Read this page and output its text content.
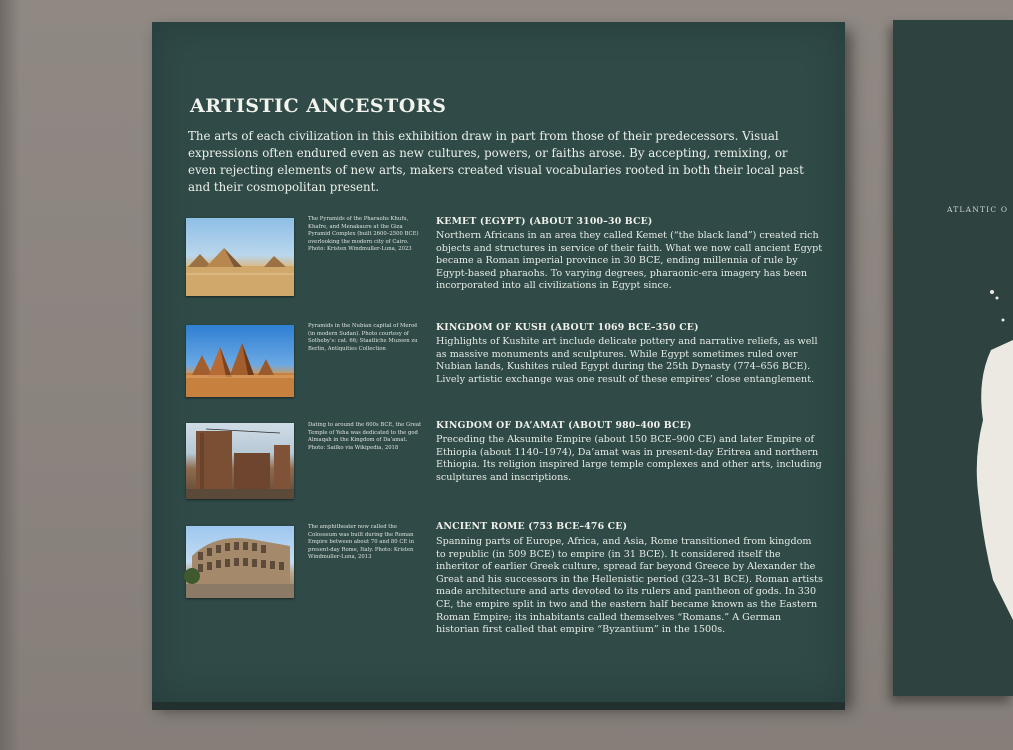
ARTISTIC ANCESTORS

The arts of each civilization in this exhibition draw in part from those of their predecessors. Visual expressions often endured even as new cultures, powers, or faiths arose. By accepting, remixing, or even rejecting elements of new arts, makers created visual vocabularies rooted in both their local past and their cosmopolitan present.

The Pyramids of the Pharaohs Khufu, Khafre, and Menakaure at the Giza Pyramid Complex (built 2600–2500 BCE) overlooking the modern city of Cairo. Photo: Kristen Windmuller-Luna, 2023

KEMET (EGYPT) (ABOUT 3100–30 BCE)

Northern Africans in an area they called Kemet (“the black land”) created rich objects and structures in service of their faith. What we now call ancient Egypt became a Roman imperial province in 30 BCE, ending millennia of rule by Egypt-based pharaohs. To varying degrees, pharaonic-era imagery has been incorporated into all civilizations in Egypt since.

Pyramids in the Nubian capital of Meroë (in modern Sudan). Photo courtesy of Sotheby’s: cat. 66; Staatliche Muzeen zu Berlin, Antiquities Collection

KINGDOM OF KUSH (ABOUT 1069 BCE–350 CE)

Highlights of Kushite art include delicate pottery and narrative reliefs, as well as massive monuments and sculptures. While Egypt sometimes ruled over Nubian lands, Kushites ruled Egypt during the 25th Dynasty (774–656 BCE). Lively artistic exchange was one result of these empires’ close entanglement.

Dating to around the 600s BCE, the Great Temple of Yeha was dedicated to the god Almaqah in the Kingdom of Da’amat. Photo: Sailko via Wikipedia, 2018

KINGDOM OF DA’AMAT (ABOUT 980–400 BCE)

Preceding the Aksumite Empire (about 150 BCE–900 CE) and later Empire of Ethiopia (about 1140–1974), Da’amat was in present-day Eritrea and northern Ethiopia. Its religion inspired large temple complexes and other arts, including sculptures and inscriptions.

The amphitheater now called the Colosseum was built during the Roman Empire between about 70 and 80 CE in present-day Rome, Italy. Photo: Kristen Windmuller-Luna, 2013

ANCIENT ROME (753 BCE–476 CE)

Spanning parts of Europe, Africa, and Asia, Rome transitioned from kingdom to republic (in 509 BCE) to empire (in 31 BCE). It considered itself the inheritor of earlier Greek culture, spread far beyond Greece by Alexander the Great and his successors in the Hellenistic period (323–31 BCE). Roman artists made architecture and arts devoted to its rulers and pantheon of gods. In 330 CE, the empire split in two and the eastern half became known as the Eastern Roman Empire; its inhabitants called themselves “Romans.” A German historian first called that empire “Byzantium” in the 1500s.

ATLANTIC O
